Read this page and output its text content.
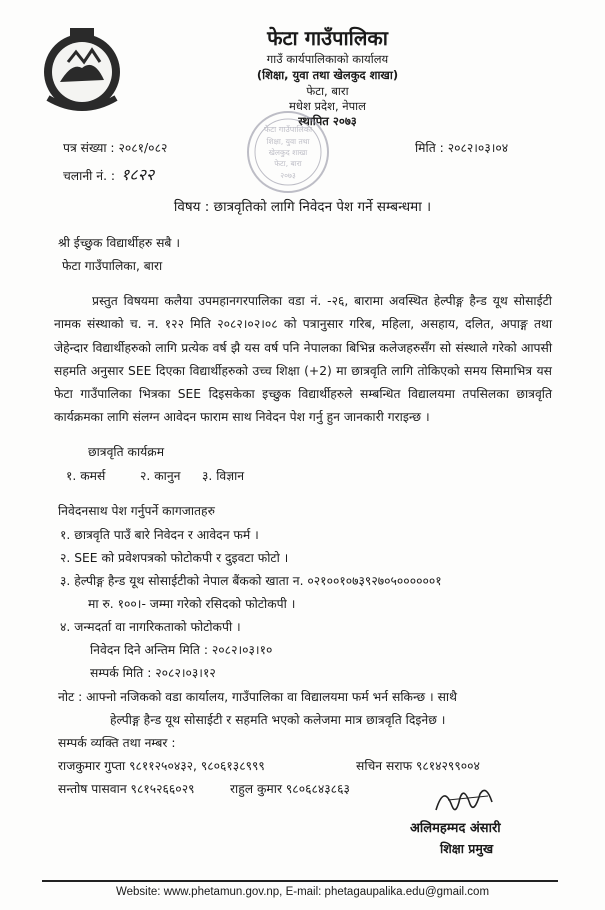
फेटा गाउँपालिका
गाउँ कार्यपालिकाको कार्यालय
(शिक्षा, युवा तथा खेलकुद शाखा)
फेटा, बारा
मधेश प्रदेश, नेपाल
स्थापित २०७३
फेटा गाउँपालिका
शिक्षा, युवा तथा
खेलकुद शाखा
फेटा, बारा
२०७३
पत्र संख्या : २०८१/०८२	मिति : २०८२।०३।०४
चलानी नं. : १८२२
विषय : छात्रवृतिको लागि निवेदन पेश गर्ने सम्बन्धमा ।
श्री ईच्छुक विद्यार्थीहरु सबै ।
फेटा गाउँपालिका, बारा
प्रस्तुत विषयमा कलैया उपमहानगरपालिका वडा नं. -२६, बारामा अवस्थित हेल्पीङ्ग हैन्ड यूथ सोसाईटी नामक संस्थाको च. न. १२२ मिति २०८२।०२।०८ को पत्रानुसार गरिब, महिला, असहाय, दलित, अपाङ्ग तथा जेहेन्दार विद्यार्थीहरुको लागि प्रत्येक वर्ष झै यस वर्ष पनि नेपालका बिभिन्न कलेजहरुसँग सो संस्थाले गरेको आपसी सहमति अनुसार SEE दिएका विद्यार्थीहरुको उच्च शिक्षा (+2) मा छात्रवृति लागि तोकिएको समय सिमाभित्र यस फेटा गाउँपालिका भित्रका SEE दिइसकेका इच्छुक विद्यार्थीहरुले सम्बन्धित विद्यालयमा तपसिलका छात्रवृति कार्यक्रमका लागि संलग्न आवेदन फाराम साथ निवेदन पेश गर्नु हुन जानकारी गराइन्छ ।
छात्रवृति कार्यक्रम
१. कमर्स	२. कानुन ३. विज्ञान
निवेदनसाथ पेश गर्नुपर्ने कागजातहरु
१. छात्रवृति पाउँ बारे निवेदन र आवेदन फर्म ।
२. SEE को प्रवेशपत्रको फोटोकपी र दुइवटा फोटो ।
३. हेल्पीङ्ग हैन्ड यूथ सोसाईटीको नेपाल बैंकको खाता न. ०२१००१०७३९२७०५००००००१
मा रु. १००।- जम्मा गरेको रसिदको फोटोकपी ।
४. जन्मदर्ता वा नागरिकताको फोटोकपी ।
निवेदन दिने अन्तिम मिति : २०८२।०३।१०
सम्पर्क मिति : २०८२।०३।१२
नोट : आफ्नो नजिकको वडा कार्यालय, गाउँपालिका वा विद्यालयमा फर्म भर्न सकिन्छ । साथै
हेल्पीङ्ग हैन्ड यूथ सोसाईटी र सहमति भएको कलेजमा मात्र छात्रवृति दिइनेछ ।
सम्पर्क व्यक्ति तथा नम्बर :
राजकुमार गुप्ता ९८११२५०४३२, ९८०६१३८९९९	सचिन सराफ ९८१४२९९००४
सन्तोष पासवान ९८१५२६६०२९	राहुल कुमार ९८०६८४३८६३
अलिमहम्मद अंसारी
शिक्षा प्रमुख
Website: www.phetamun.gov.np, E-mail: phetagaupalika.edu@gmail.com
